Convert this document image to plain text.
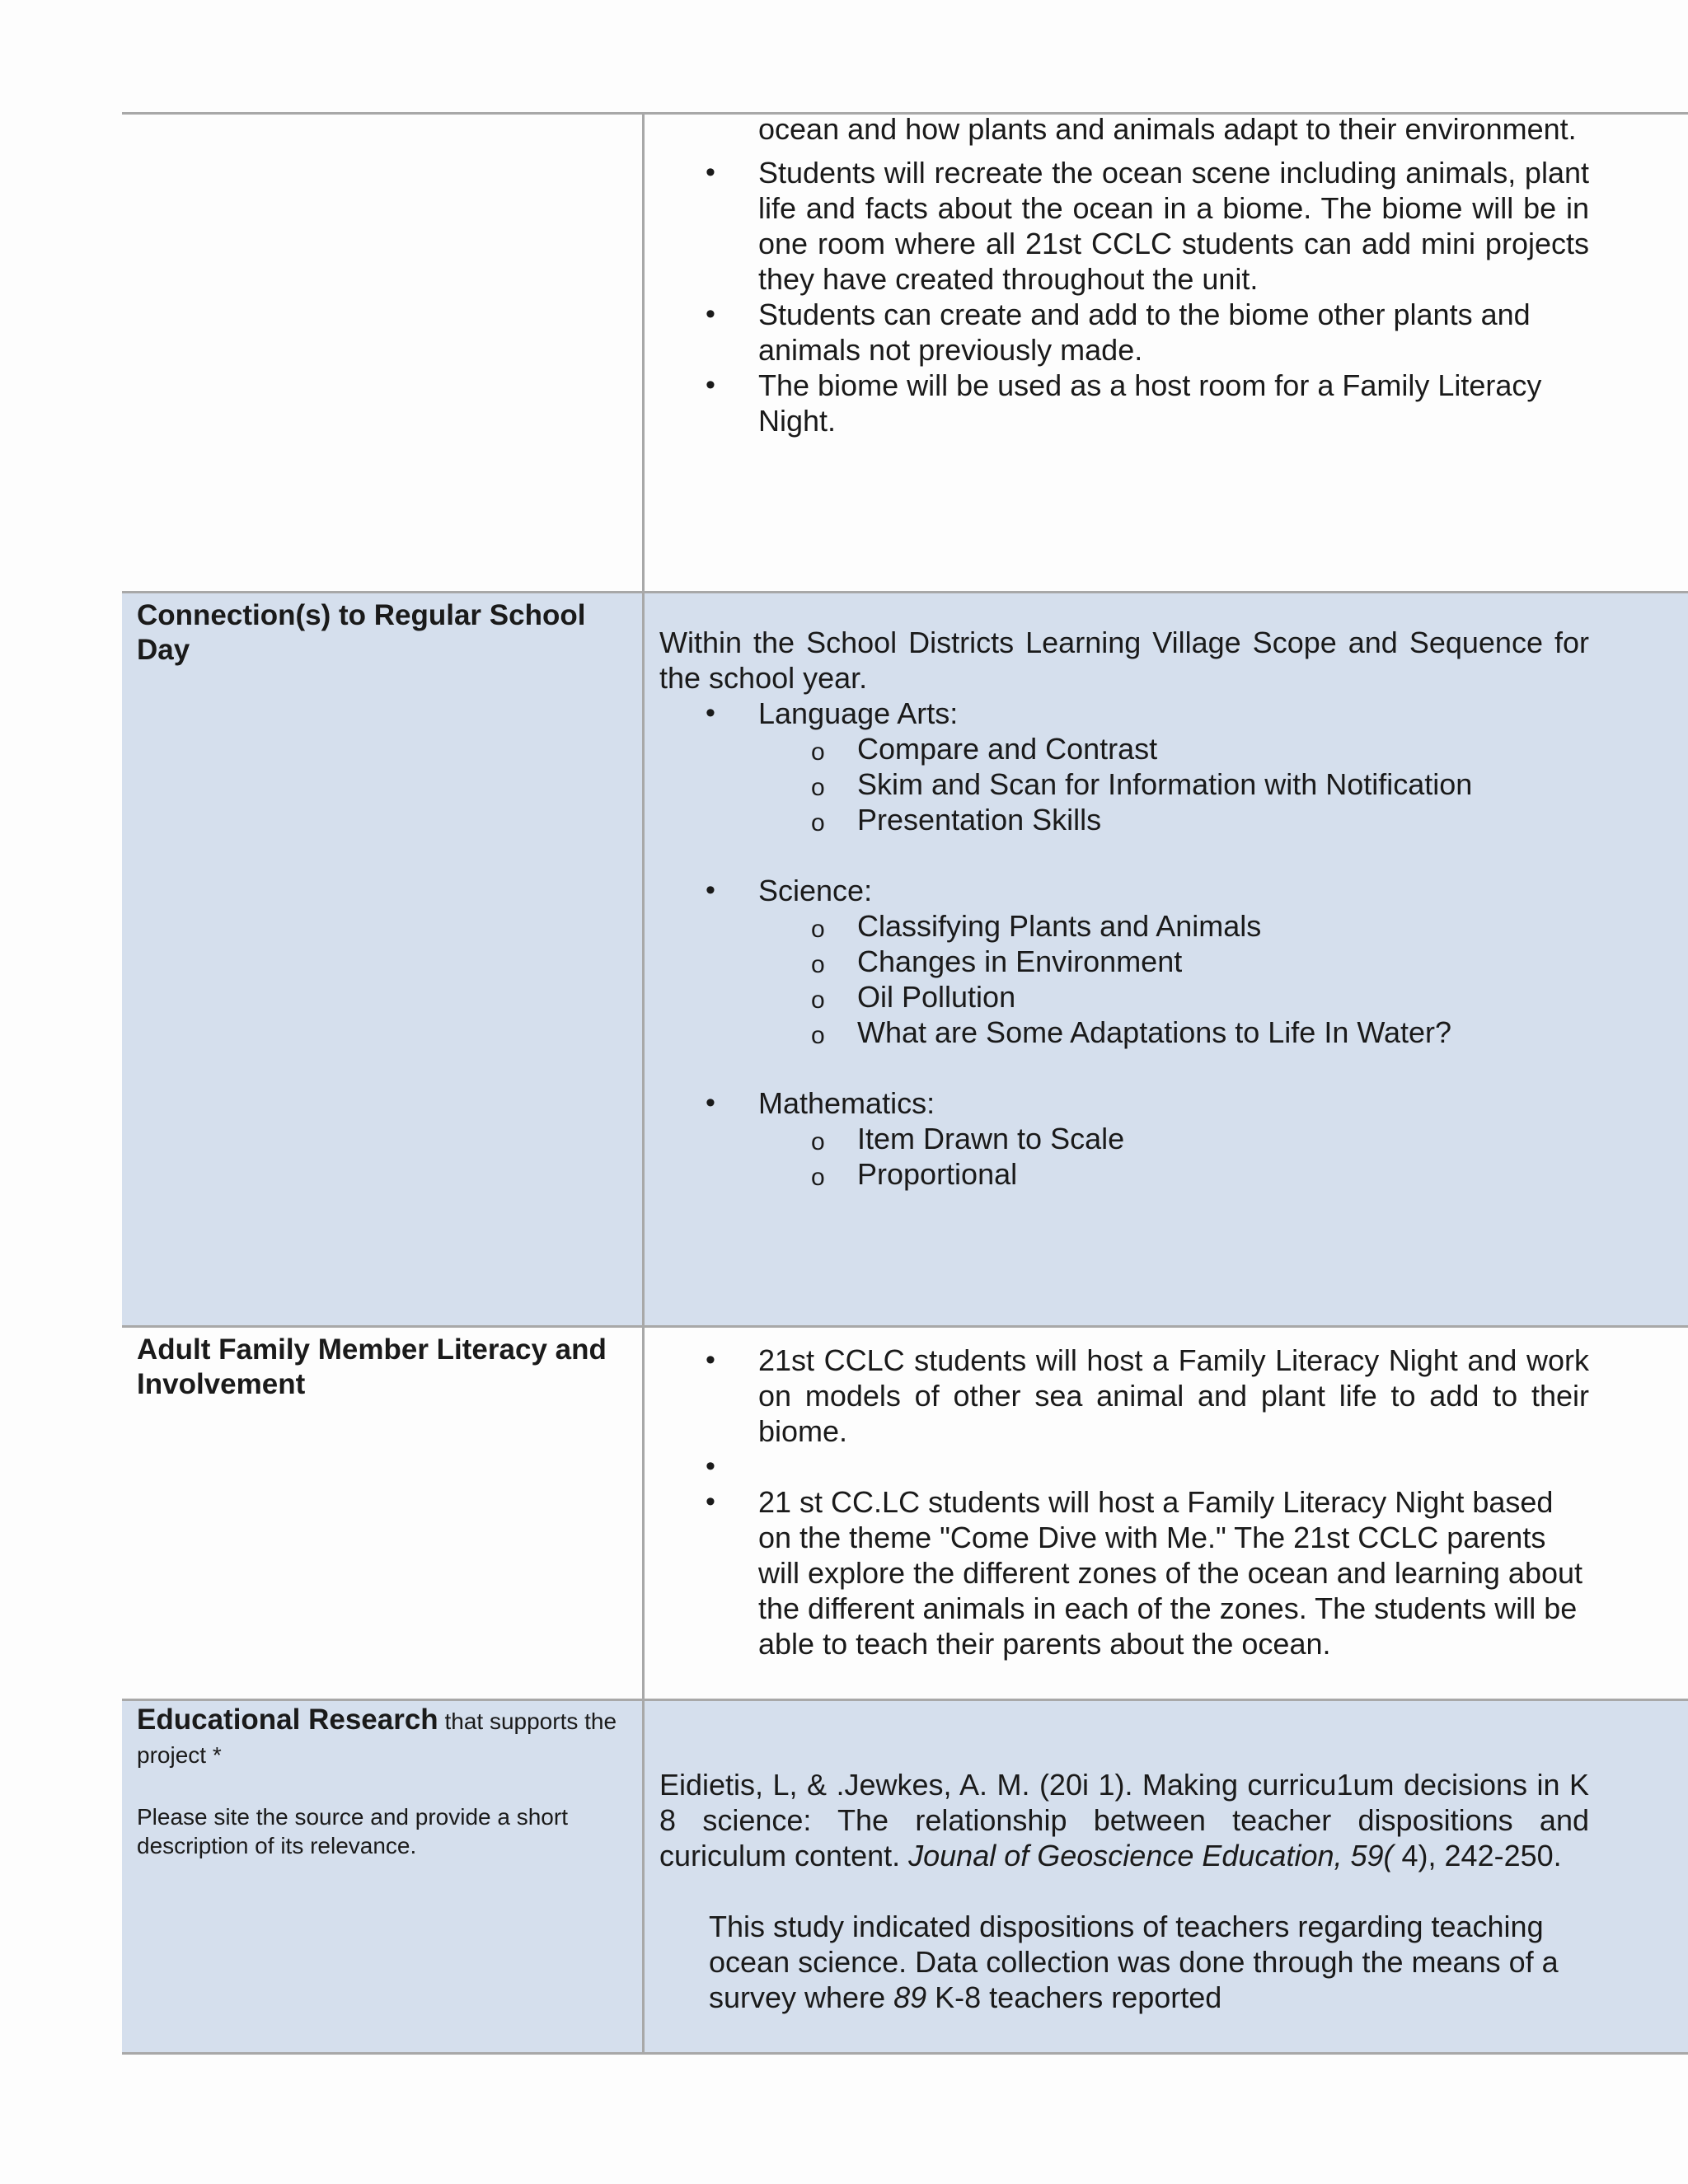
ocean and how plants and animals adapt to their environment.
• Students will recreate the ocean scene including animals, plant life and facts about the ocean in a biome. The biome will be in one room where all 21st CCLC students can add mini projects they have created throughout the unit.
• Students can create and add to the biome other plants and animals not previously made.
• The biome will be used as a host room for a Family Literacy Night.
Connection(s) to Regular School Day	Within the School Districts Learning Village Scope and Sequence for the school year.
• Language Arts:
o Compare and Contrast
o Skim and Scan for Information with Notification
o Presentation Skills
• Science:
o Classifying Plants and Animals
o Changes in Environment
o Oil Pollution
o What are Some Adaptations to Life In Water?
• Mathematics:
o Item Drawn to Scale
o Proportional
Adult Family Member Literacy and Involvement
• 21st CCLC students will host a Family Literacy Night and work on models of other sea animal and plant life to add to their biome.
•
• 21 st CC.LC students will host a Family Literacy Night based on the theme "Come Dive with Me." The 21st CCLC parents will explore the different zones of the ocean and learning about the different animals in each of the zones. The students will be able to teach their parents about the ocean.
Educational Research that supports the project *
Please site the source and provide a short description of its relevance.
Eidietis, L, & .Jewkes, A. M. (20i 1). Making curricu1um decisions in K 8 science: The relationship between teacher dispositions and curiculum content. Jounal of Geoscience Education, 59( 4), 242-250.
This study indicated dispositions of teachers regarding teaching ocean science. Data collection was done through the means of a survey where 89 K-8 teachers reported
